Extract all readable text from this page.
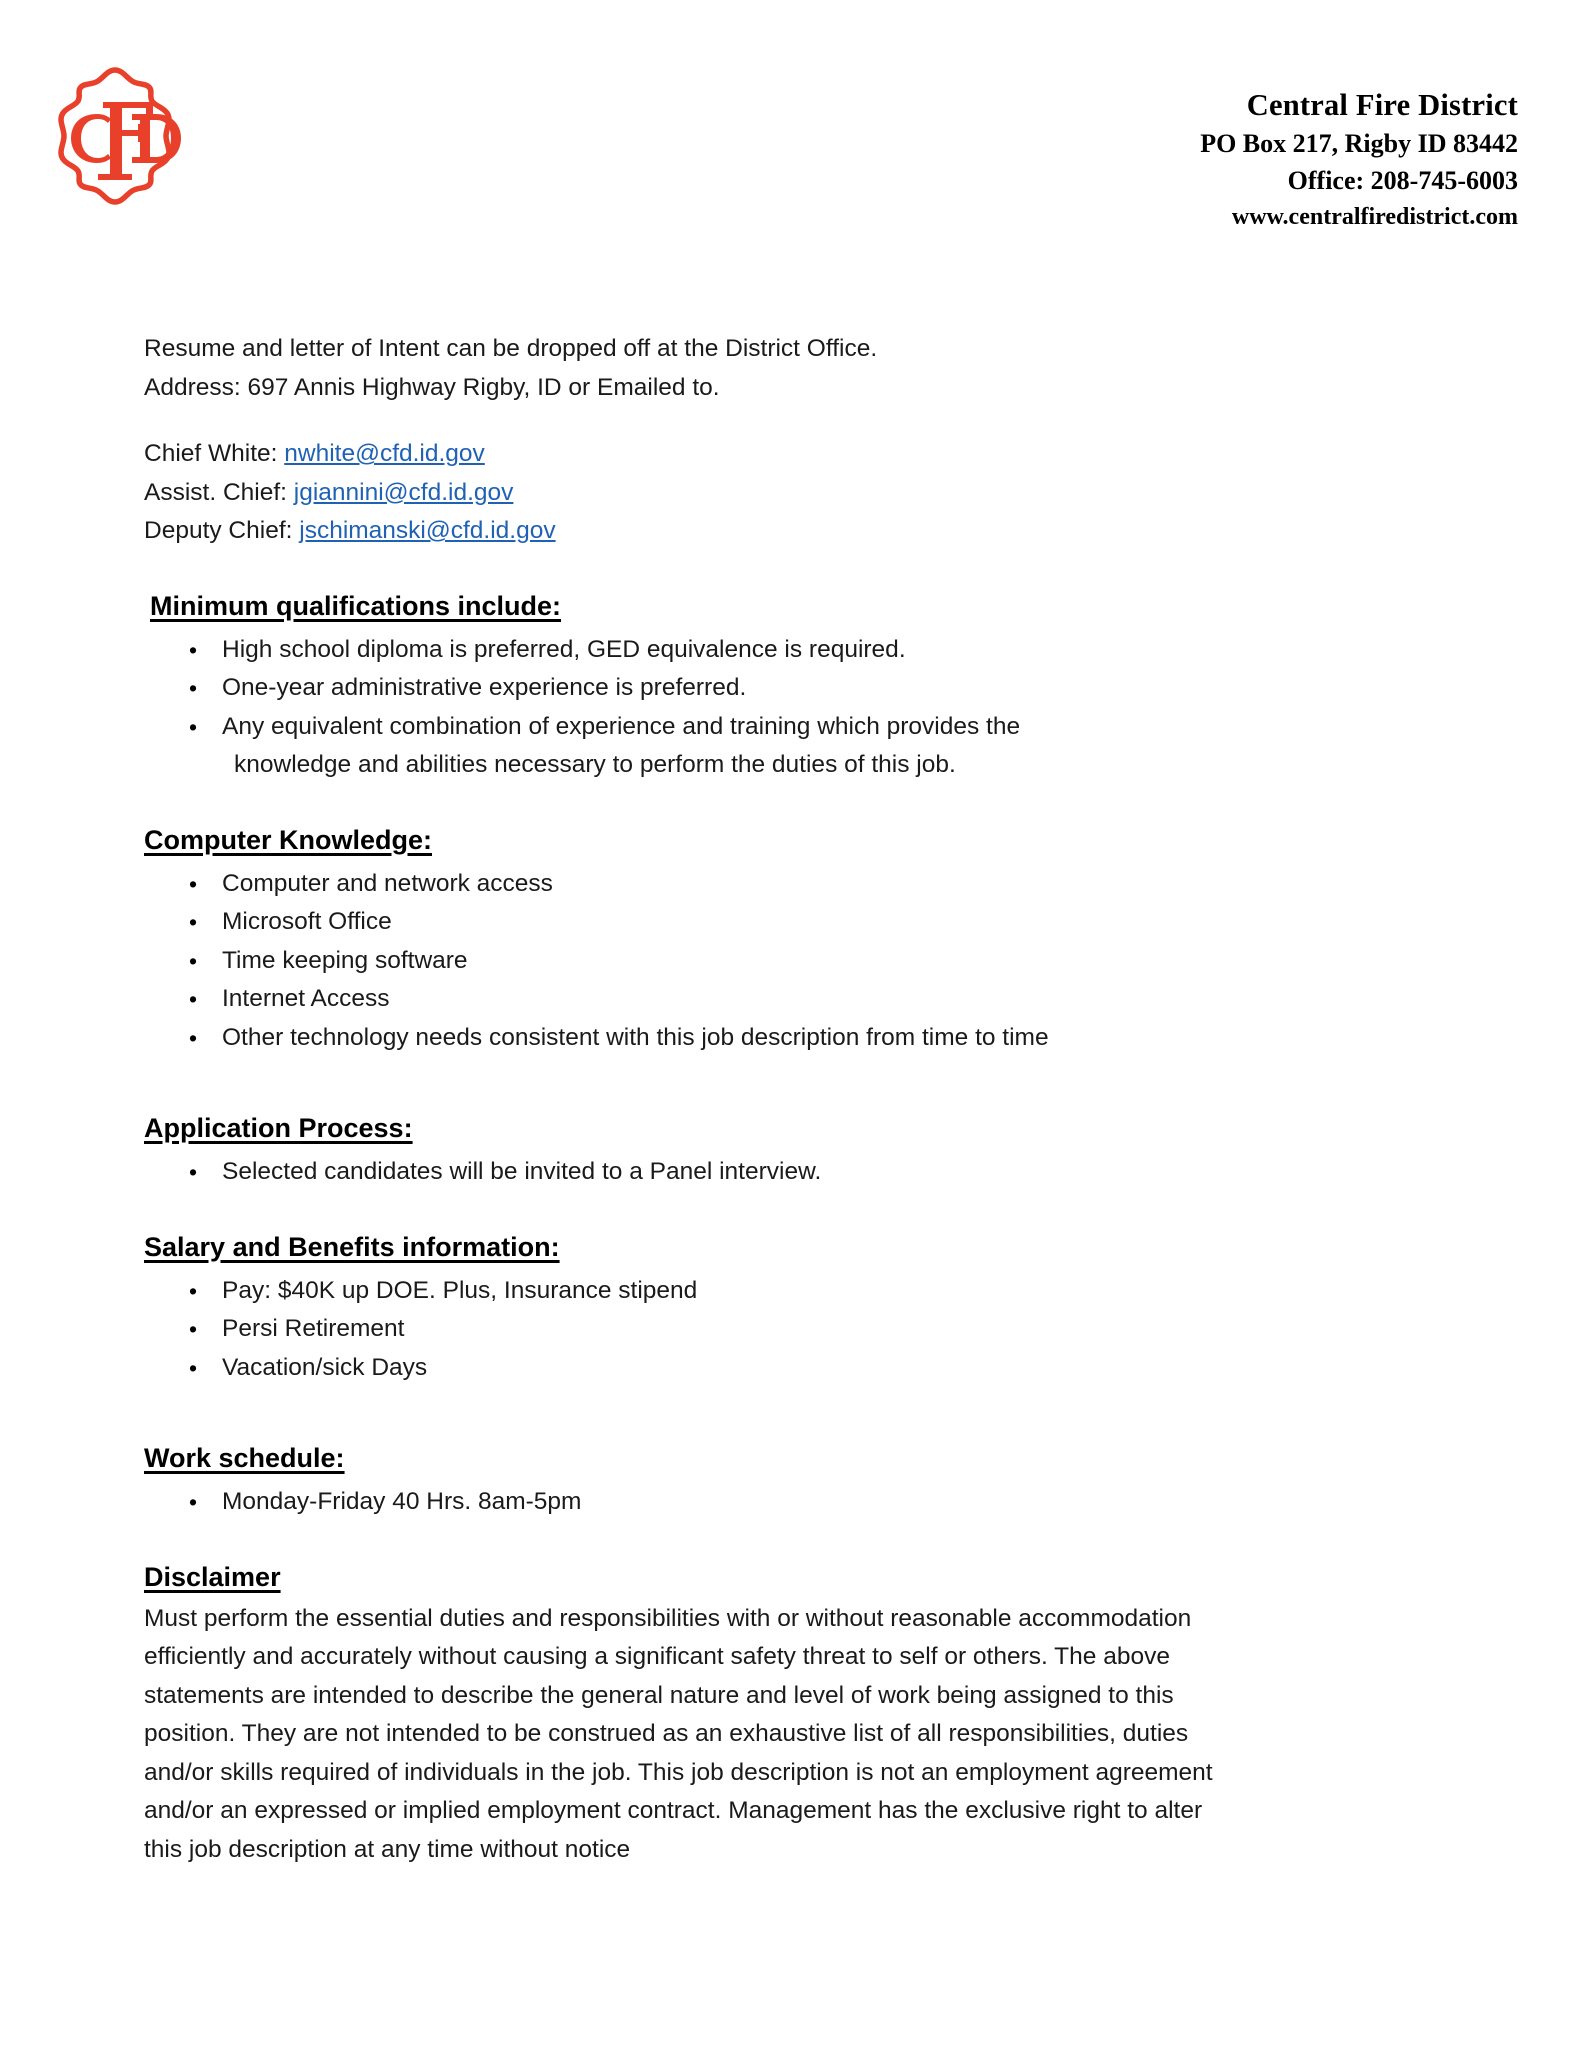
Central Fire District
PO Box 217, Rigby ID 83442
Office: 208-745-6003
www.centralfiredistrict.com

Resume and letter of Intent can be dropped off at the District Office.

Address: 697 Annis Highway Rigby, ID or Emailed to.

Chief White: nwhite@cfd.id.gov
Assist. Chief: jgiannini@cfd.id.gov
Deputy Chief: jschimanski@cfd.id.gov
Minimum qualifications include:
• High school diploma is preferred, GED equivalence is required.
• One-year administrative experience is preferred.
• Any equivalent combination of experience and training which provides the
knowledge and abilities necessary to perform the duties of this job.
Computer Knowledge:
• Computer and network access
• Microsoft Office
• Time keeping software
• Internet Access
• Other technology needs consistent with this job description from time to time
Application Process:
• Selected candidates will be invited to a Panel interview.
Salary and Benefits information:
• Pay: $40K up DOE. Plus, Insurance stipend
• Persi Retirement
• Vacation/sick Days
Work schedule:
• Monday-Friday 40 Hrs. 8am-5pm
Disclaimer

Must perform the essential duties and responsibilities with or without reasonable accommodation
efficiently and accurately without causing a significant safety threat to self or others. The above
statements are intended to describe the general nature and level of work being assigned to this
position. They are not intended to be construed as an exhaustive list of all responsibilities, duties
and/or skills required of individuals in the job. This job description is not an employment agreement
and/or an expressed or implied employment contract. Management has the exclusive right to alter
this job description at any time without notice
